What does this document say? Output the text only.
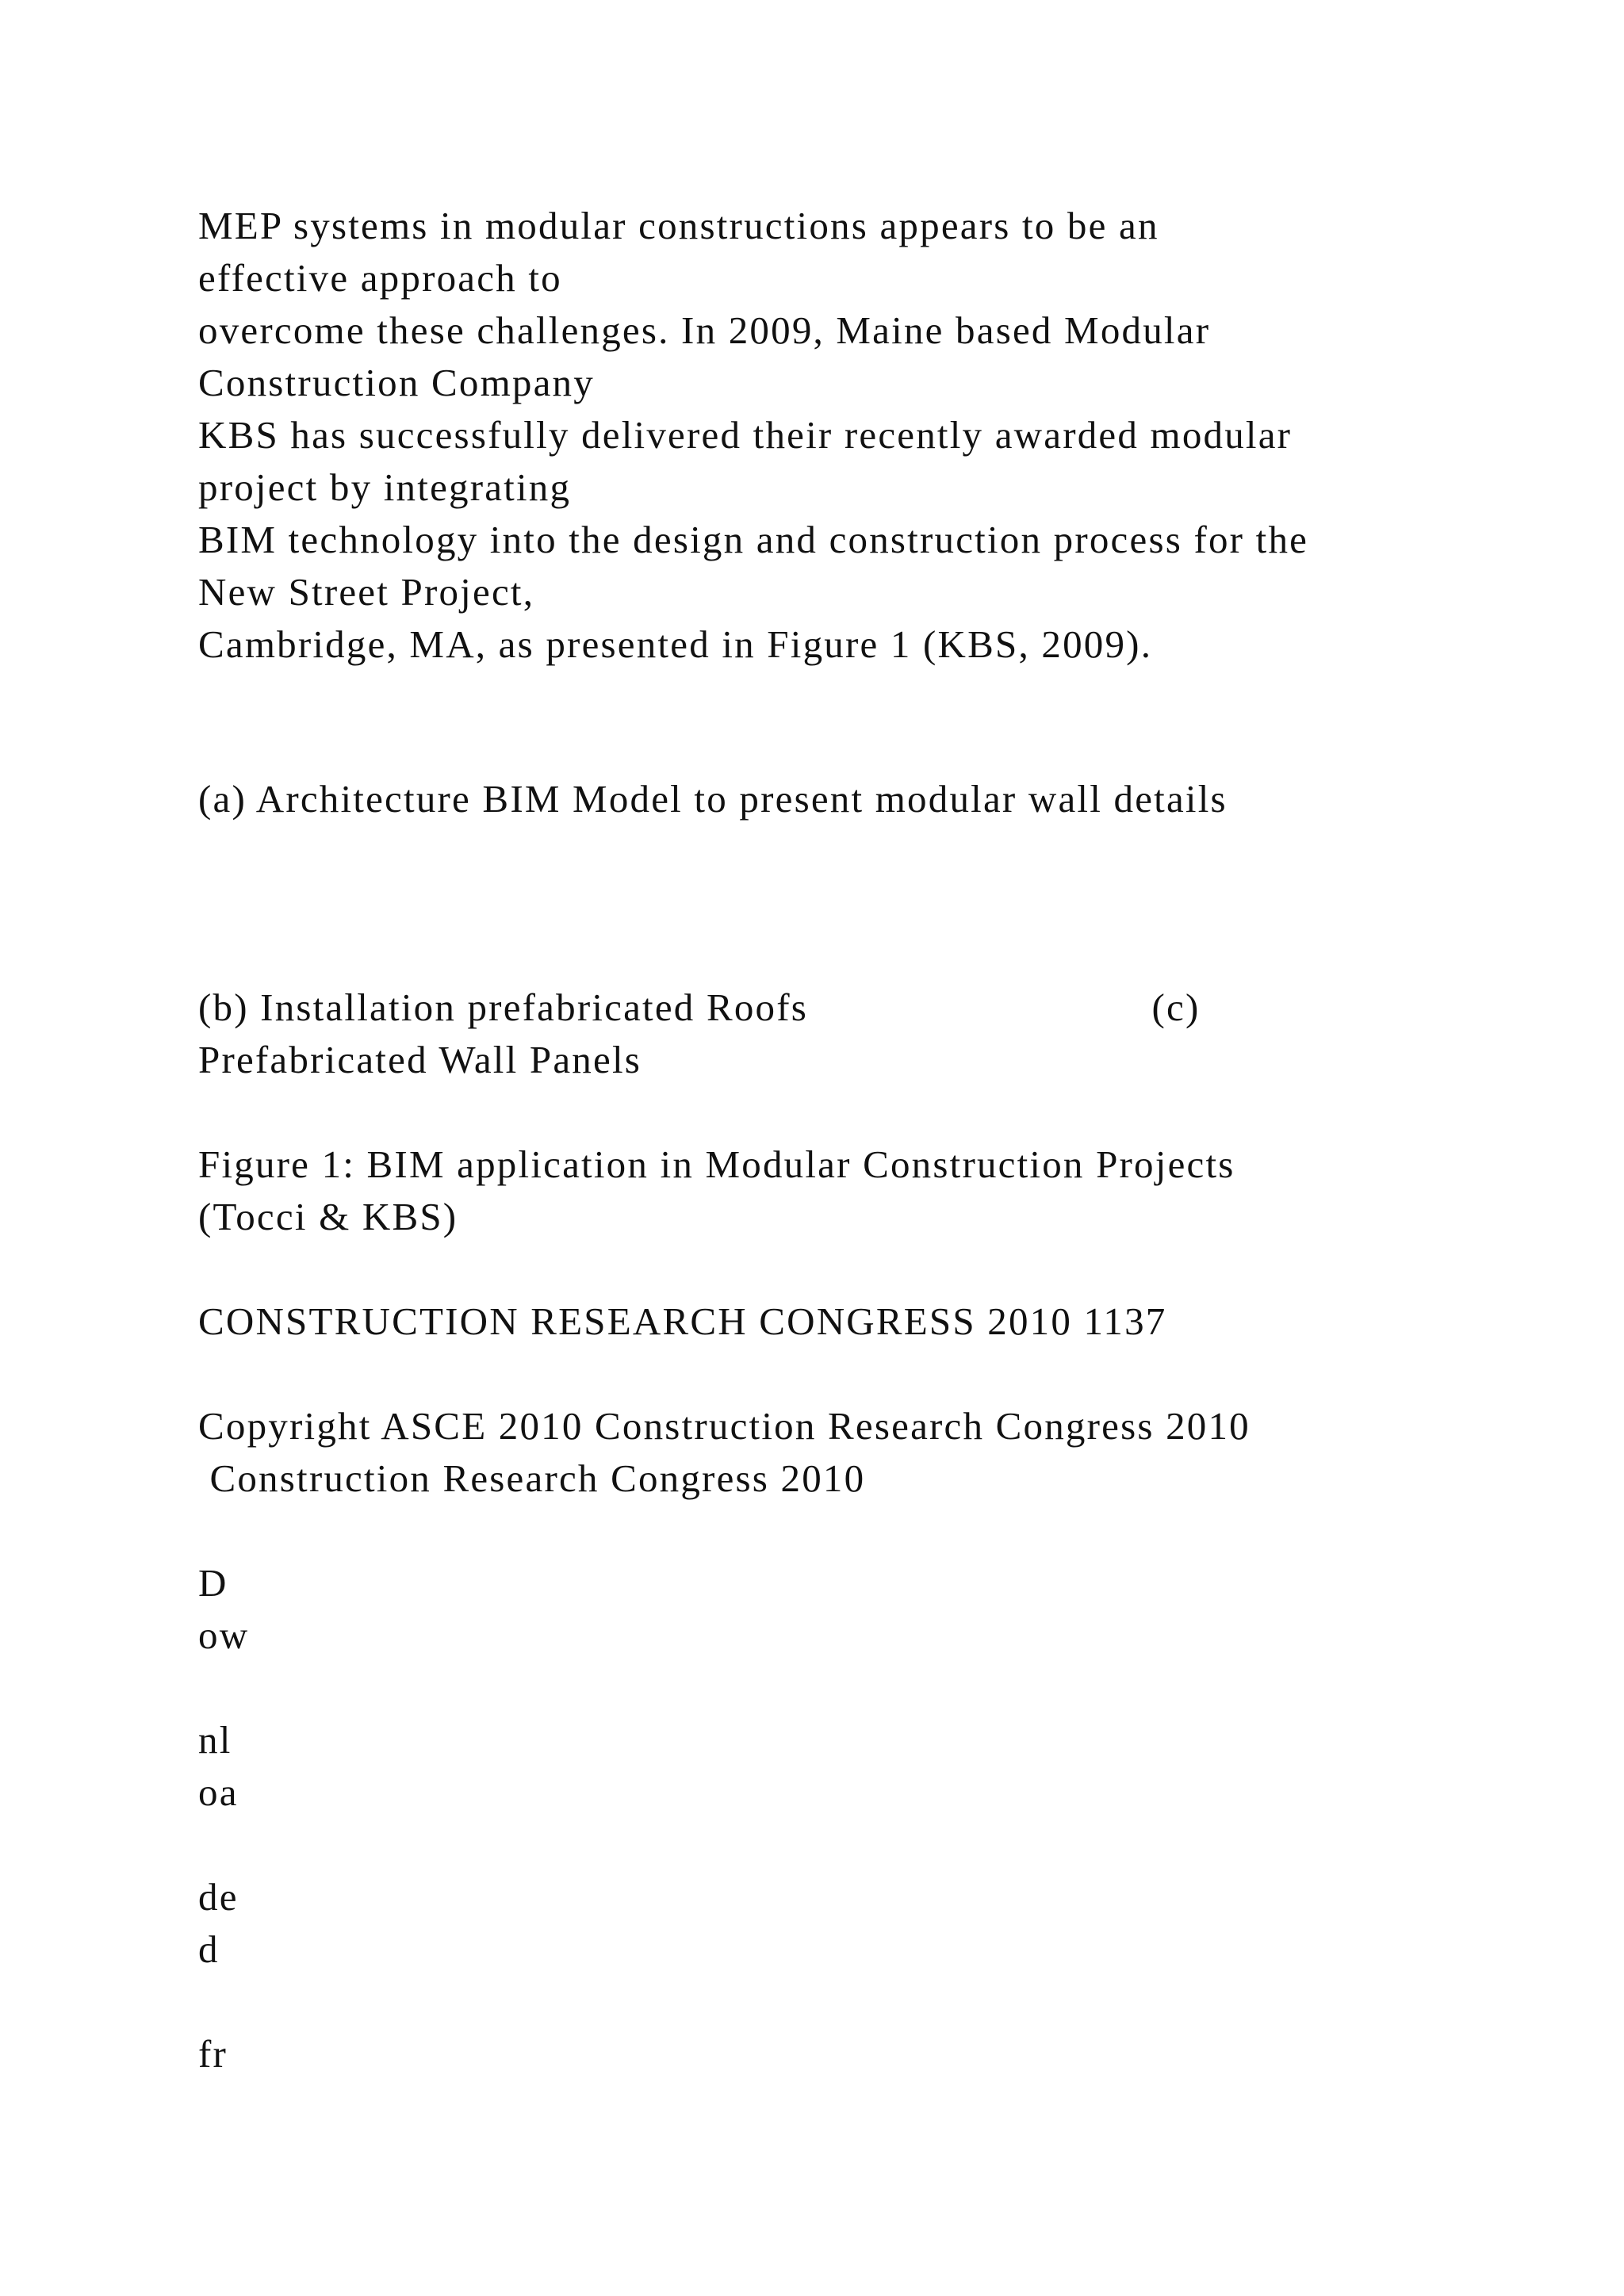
MEP systems in modular constructions appears to be an

effective approach to

overcome these challenges. In 2009, Maine based Modular

Construction Company

KBS has successfully delivered their recently awarded modular

project by integrating

BIM technology into the design and construction process for the

New Street Project,

Cambridge, MA, as presented in Figure 1 (KBS, 2009).

(a) Architecture BIM Model to present modular wall details

(b) Installation prefabricated Roofs                              (c)

Prefabricated Wall Panels

Figure 1: BIM application in Modular Construction Projects

(Tocci & KBS)

CONSTRUCTION RESEARCH CONGRESS 2010 1137

Copyright ASCE 2010 Construction Research Congress 2010

Construction Research Congress 2010

D

ow

nl

oa

de

d

fr
